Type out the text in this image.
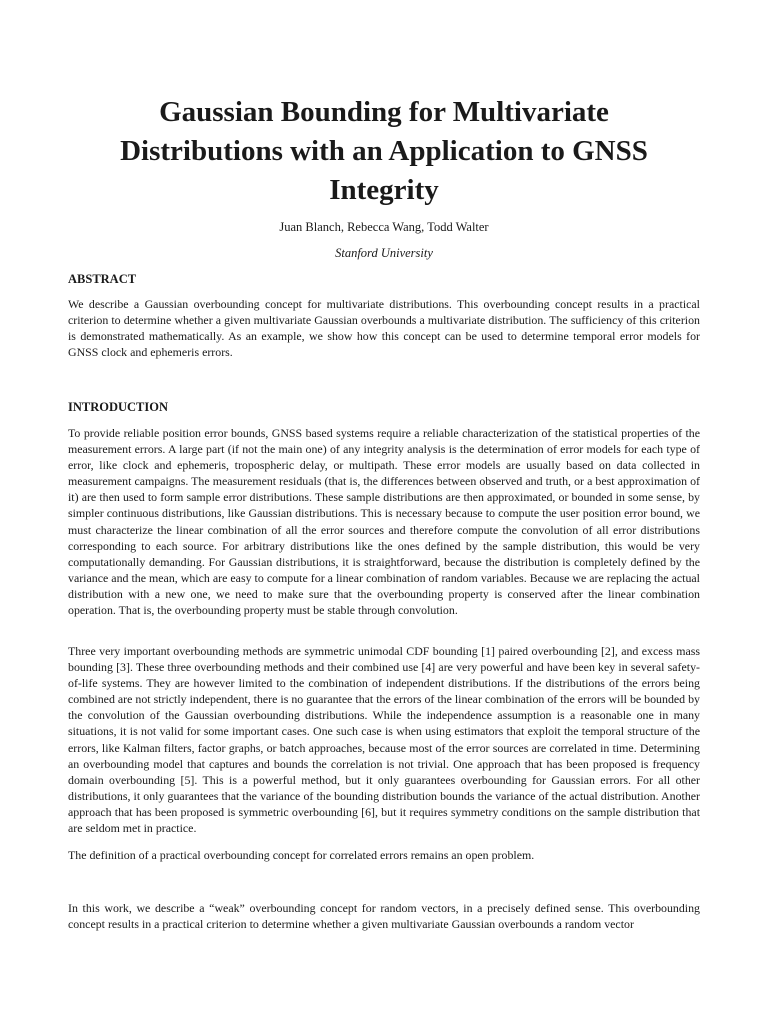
Gaussian Bounding for Multivariate Distributions with an Application to GNSS Integrity
Juan Blanch, Rebecca Wang, Todd Walter
Stanford University
ABSTRACT

We describe a Gaussian overbounding concept for multivariate distributions. This overbounding concept results in a practical criterion to determine whether a given multivariate Gaussian overbounds a multivariate distribution. The sufficiency of this criterion is demonstrated mathematically. As an example, we show how this concept can be used to determine temporal error models for GNSS clock and ephemeris errors.

INTRODUCTION

To provide reliable position error bounds, GNSS based systems require a reliable characterization of the statistical properties of the measurement errors. A large part (if not the main one) of any integrity analysis is the determination of error models for each type of error, like clock and ephemeris, tropospheric delay, or multipath. These error models are usually based on data collected in measurement campaigns. The measurement residuals (that is, the differences between observed and truth, or a best approximation of it) are then used to form sample error distributions. These sample distributions are then approximated, or bounded in some sense, by simpler continuous distributions, like Gaussian distributions. This is necessary because to compute the user position error bound, we must characterize the linear combination of all the error sources and therefore compute the convolution of all error distributions corresponding to each source. For arbitrary distributions like the ones defined by the sample distribution, this would be very computationally demanding. For Gaussian distributions, it is straightforward, because the distribution is completely defined by the variance and the mean, which are easy to compute for a linear combination of random variables. Because we are replacing the actual distribution with a new one, we need to make sure that the overbounding property is conserved after the linear combination operation. That is, the overbounding property must be stable through convolution.

Three very important overbounding methods are symmetric unimodal CDF bounding [1] paired overbounding [2], and excess mass bounding [3]. These three overbounding methods and their combined use [4] are very powerful and have been key in several safety-of-life systems. They are however limited to the combination of independent distributions. If the distributions of the errors being combined are not strictly independent, there is no guarantee that the errors of the linear combination of the errors will be bounded by the convolution of the Gaussian overbounding distributions. While the independence assumption is a reasonable one in many situations, it is not valid for some important cases. One such case is when using estimators that exploit the temporal structure of the errors, like Kalman filters, factor graphs, or batch approaches, because most of the error sources are correlated in time. Determining an overbounding model that captures and bounds the correlation is not trivial. One approach that has been proposed is frequency domain overbounding [5]. This is a powerful method, but it only guarantees overbounding for Gaussian errors. For all other distributions, it only guarantees that the variance of the bounding distribution bounds the variance of the actual distribution. Another approach that has been proposed is symmetric overbounding [6], but it requires symmetry conditions on the sample distribution that are seldom met in practice.

The definition of a practical overbounding concept for correlated errors remains an open problem.

In this work, we describe a “weak” overbounding concept for random vectors, in a precisely defined sense. This overbounding concept results in a practical criterion to determine whether a given multivariate Gaussian overbounds a random vector
